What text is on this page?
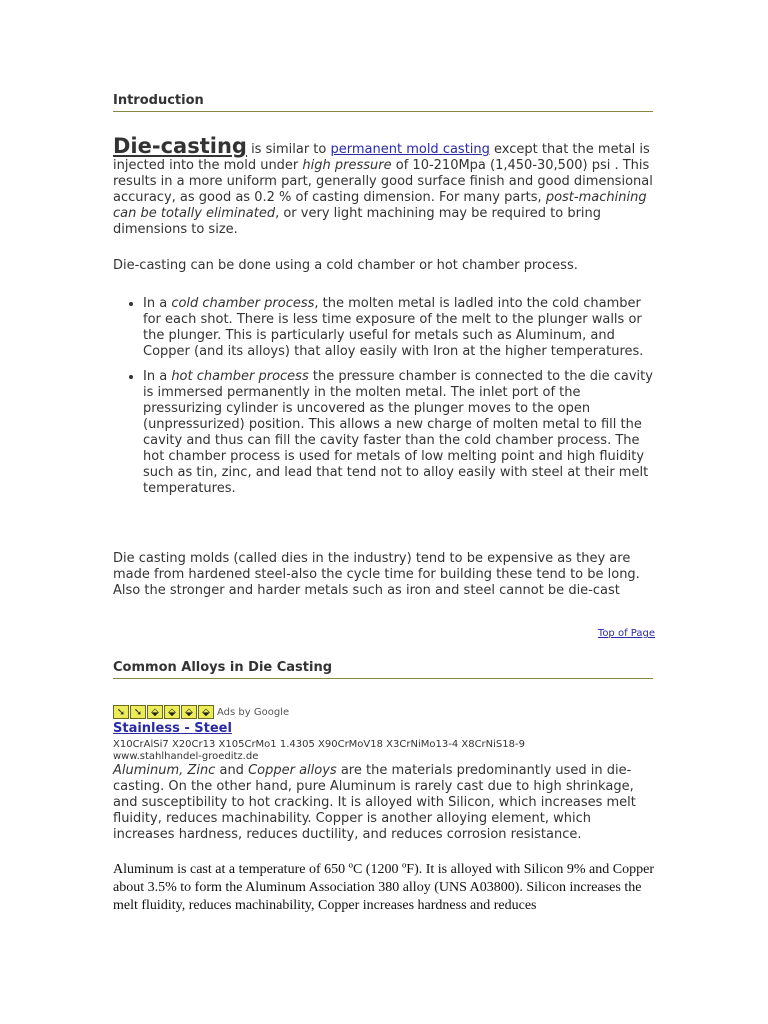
Introduction

Die-casting is similar to permanent mold casting except that the metal is injected into the mold under high pressure of 10-210Mpa (1,450-30,500) psi . This results in a more uniform part, generally good surface finish and good dimensional accuracy, as good as 0.2 % of casting dimension. For many parts, post-machining can be totally eliminated, or very light machining may be required to bring dimensions to size.

Die-casting can be done using a cold chamber or hot chamber process.

• In a cold chamber process, the molten metal is ladled into the cold chamber for each shot. There is less time exposure of the melt to the plunger walls or the plunger. This is particularly useful for metals such as Aluminum, and Copper (and its alloys) that alloy easily with Iron at the higher temperatures.
• In a hot chamber process the pressure chamber is connected to the die cavity is immersed permanently in the molten metal. The inlet port of the pressurizing cylinder is uncovered as the plunger moves to the open (unpressurized) position. This allows a new charge of molten metal to fill the cavity and thus can fill the cavity faster than the cold chamber process. The hot chamber process is used for metals of low melting point and high fluidity such as tin, zinc, and lead that tend not to alloy easily with steel at their melt temperatures.

Die casting molds (called dies in the industry) tend to be expensive as they are made from hardened steel-also the cycle time for building these tend to be long. Also the stronger and harder metals such as iron and steel cannot be die-cast

Top of Page
Common Alloys in Die Casting
➘ ➘ ⬙ ⬙ ⬙ ⬙ Ads by Google
Stainless - Steel
X10CrAlSi7 X20Cr13 X105CrMo1 1.4305 X90CrMoV18 X3CrNiMo13-4 X8CrNiS18-9
www.stahlhandel-groeditz.de

Aluminum, Zinc and Copper alloys are the materials predominantly used in die-casting. On the other hand, pure Aluminum is rarely cast due to high shrinkage, and susceptibility to hot cracking. It is alloyed with Silicon, which increases melt fluidity, reduces machinability. Copper is another alloying element, which increases hardness, reduces ductility, and reduces corrosion resistance.

Aluminum is cast at a temperature of 650 ºC (1200 ºF). It is alloyed with Silicon 9% and Copper about 3.5% to form the Aluminum Association 380 alloy (UNS A03800). Silicon increases the melt fluidity, reduces machinability, Copper increases hardness and reduces
